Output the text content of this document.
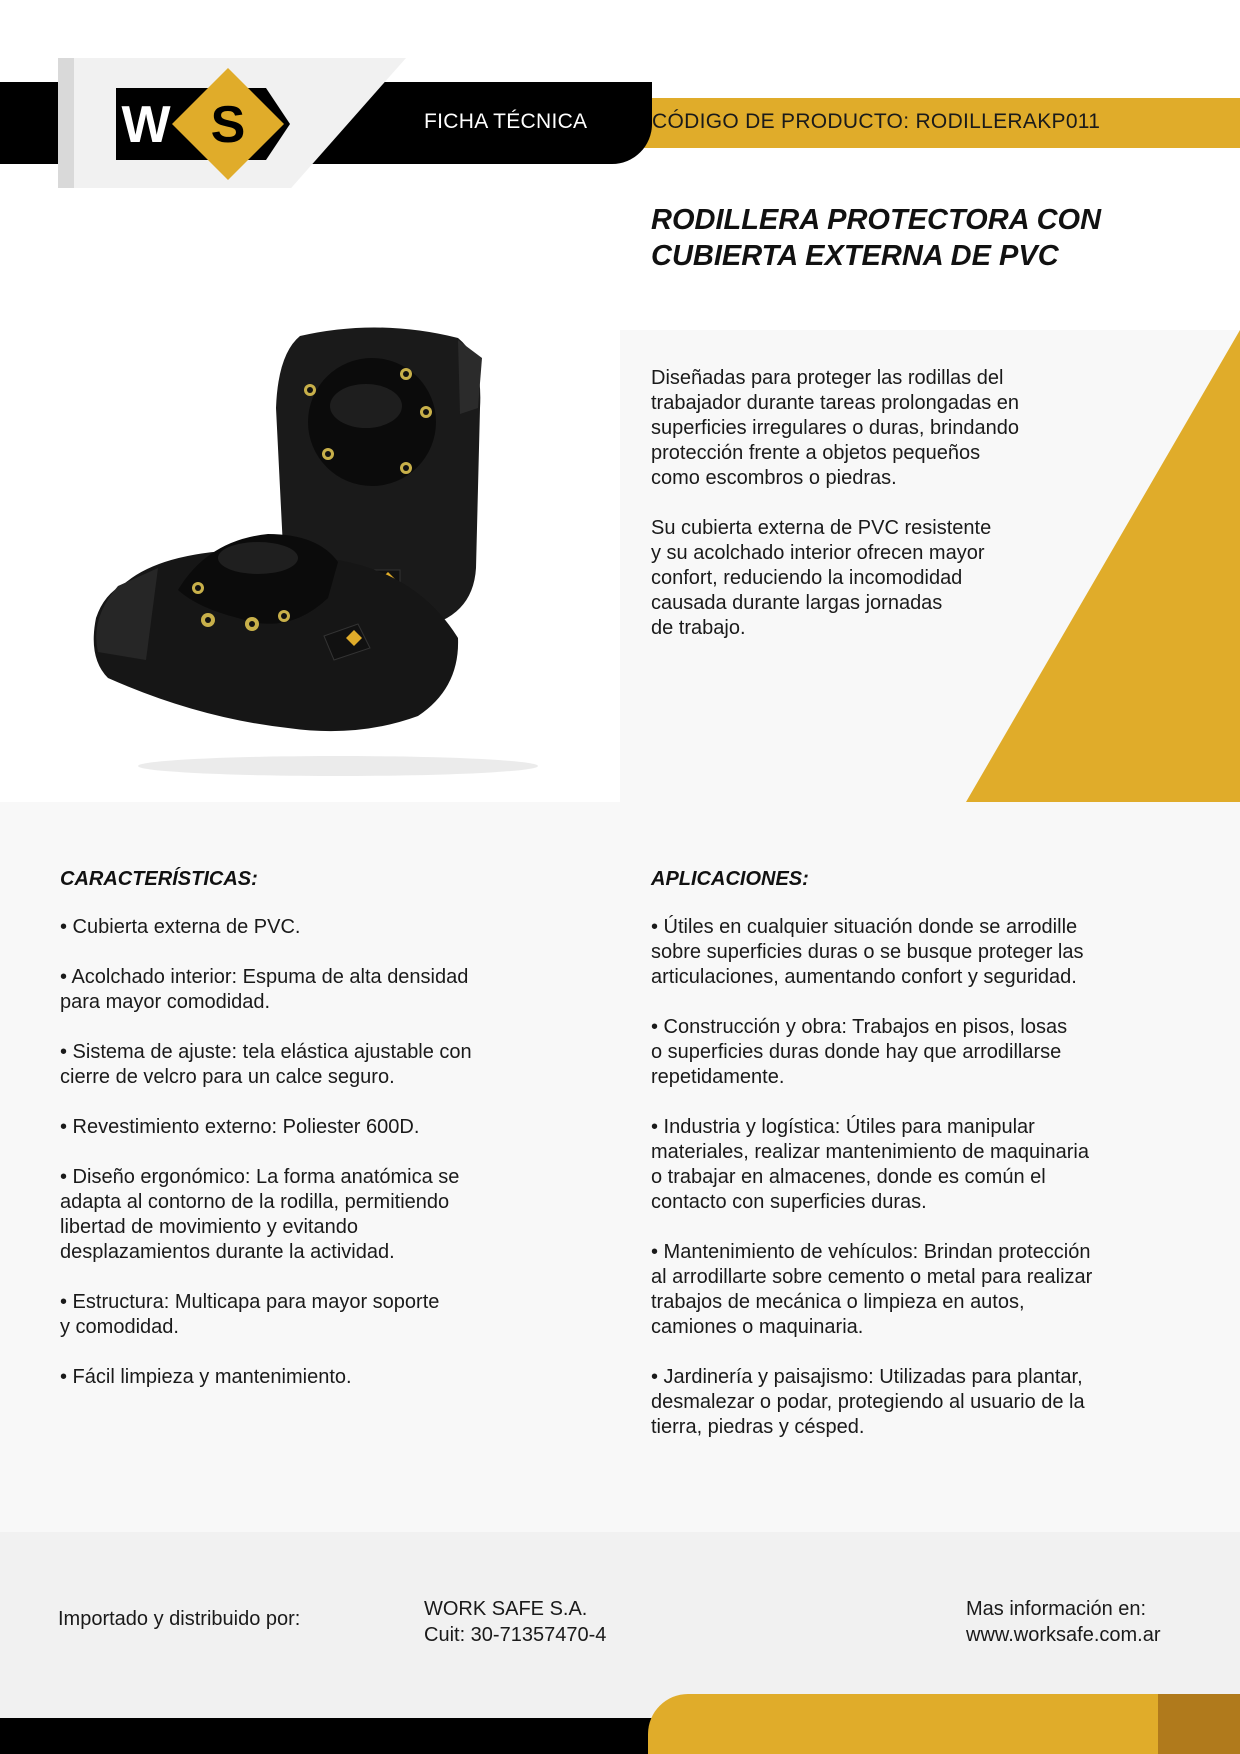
W S	FICHA TÉCNICA	CÓDIGO DE PRODUCTO: RODILLERAKP011
RODILLERA PROTECTORA CON
CUBIERTA EXTERNA DE PVC

Diseñadas para proteger las rodillas del
trabajador durante tareas prolongadas en
superficies irregulares o duras, brindando
protección frente a objetos pequeños
como escombros o piedras.

Su cubierta externa de PVC resistente
y su acolchado interior ofrecen mayor
confort, reduciendo la incomodidad
causada durante largas jornadas
de trabajo.

CARACTERÍSTICAS:

• Cubierta externa de PVC.

• Acolchado interior: Espuma de alta densidad
para mayor comodidad.

• Sistema de ajuste: tela elástica ajustable con
cierre de velcro para un calce seguro.

• Revestimiento externo: Poliester 600D.

• Diseño ergonómico: La forma anatómica se
adapta al contorno de la rodilla, permitiendo
libertad de movimiento y evitando
desplazamientos durante la actividad.

• Estructura: Multicapa para mayor soporte
y comodidad.

• Fácil limpieza y mantenimiento.

APLICACIONES:

• Útiles en cualquier situación donde se arrodille
sobre superficies duras o se busque proteger las
articulaciones, aumentando confort y seguridad.

• Construcción y obra: Trabajos en pisos, losas
o superficies duras donde hay que arrodillarse
repetidamente.

• Industria y logística: Útiles para manipular
materiales, realizar mantenimiento de maquinaria
o trabajar en almacenes, donde es común el
contacto con superficies duras.

• Mantenimiento de vehículos: Brindan protección
al arrodillartе sobre cemento o metal para realizar
trabajos de mecánica o limpieza en autos,
camiones o maquinaria.

• Jardinería y paisajismo: Utilizadas para plantar,
desmalezar o podar, protegiendo al usuario de la
tierra, piedras y césped.

Importado y distribuido por:	WORK SAFE S.A.
Cuit: 30-71357470-4
Mas información en:
www.worksafe.com.ar
